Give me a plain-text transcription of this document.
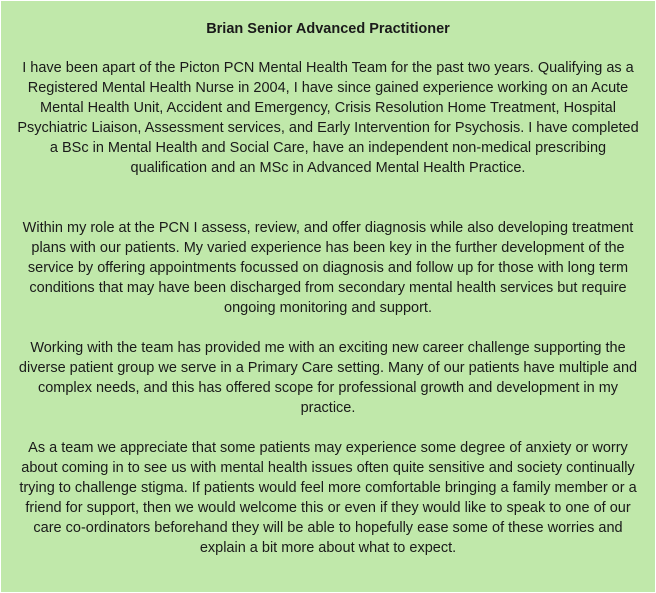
Brian Senior Advanced Practitioner

I have been apart of the Picton PCN Mental Health Team for the past two years. Qualifying as a Registered Mental Health Nurse in 2004, I have since gained experience working on an Acute Mental Health Unit, Accident and Emergency, Crisis Resolution Home Treatment, Hospital Psychiatric Liaison, Assessment services, and Early Intervention for Psychosis. I have completed a BSc in Mental Health and Social Care, have an independent non-medical prescribing qualification and an MSc in Advanced Mental Health Practice.

Within my role at the PCN I assess, review, and offer diagnosis while also developing treatment plans with our patients. My varied experience has been key in the further development of the service by offering appointments focussed on diagnosis and follow up for those with long term conditions that may have been discharged from secondary mental health services but require ongoing monitoring and support.

Working with the team has provided me with an exciting new career challenge supporting the diverse patient group we serve in a Primary Care setting. Many of our patients have multiple and complex needs, and this has offered scope for professional growth and development in my practice.

As a team we appreciate that some patients may experience some degree of anxiety or worry about coming in to see us with mental health issues often quite sensitive and society continually trying to challenge stigma. If patients would feel more comfortable bringing a family member or a friend for support, then we would welcome this or even if they would like to speak to one of our care co-ordinators beforehand they will be able to hopefully ease some of these worries and explain a bit more about what to expect.
